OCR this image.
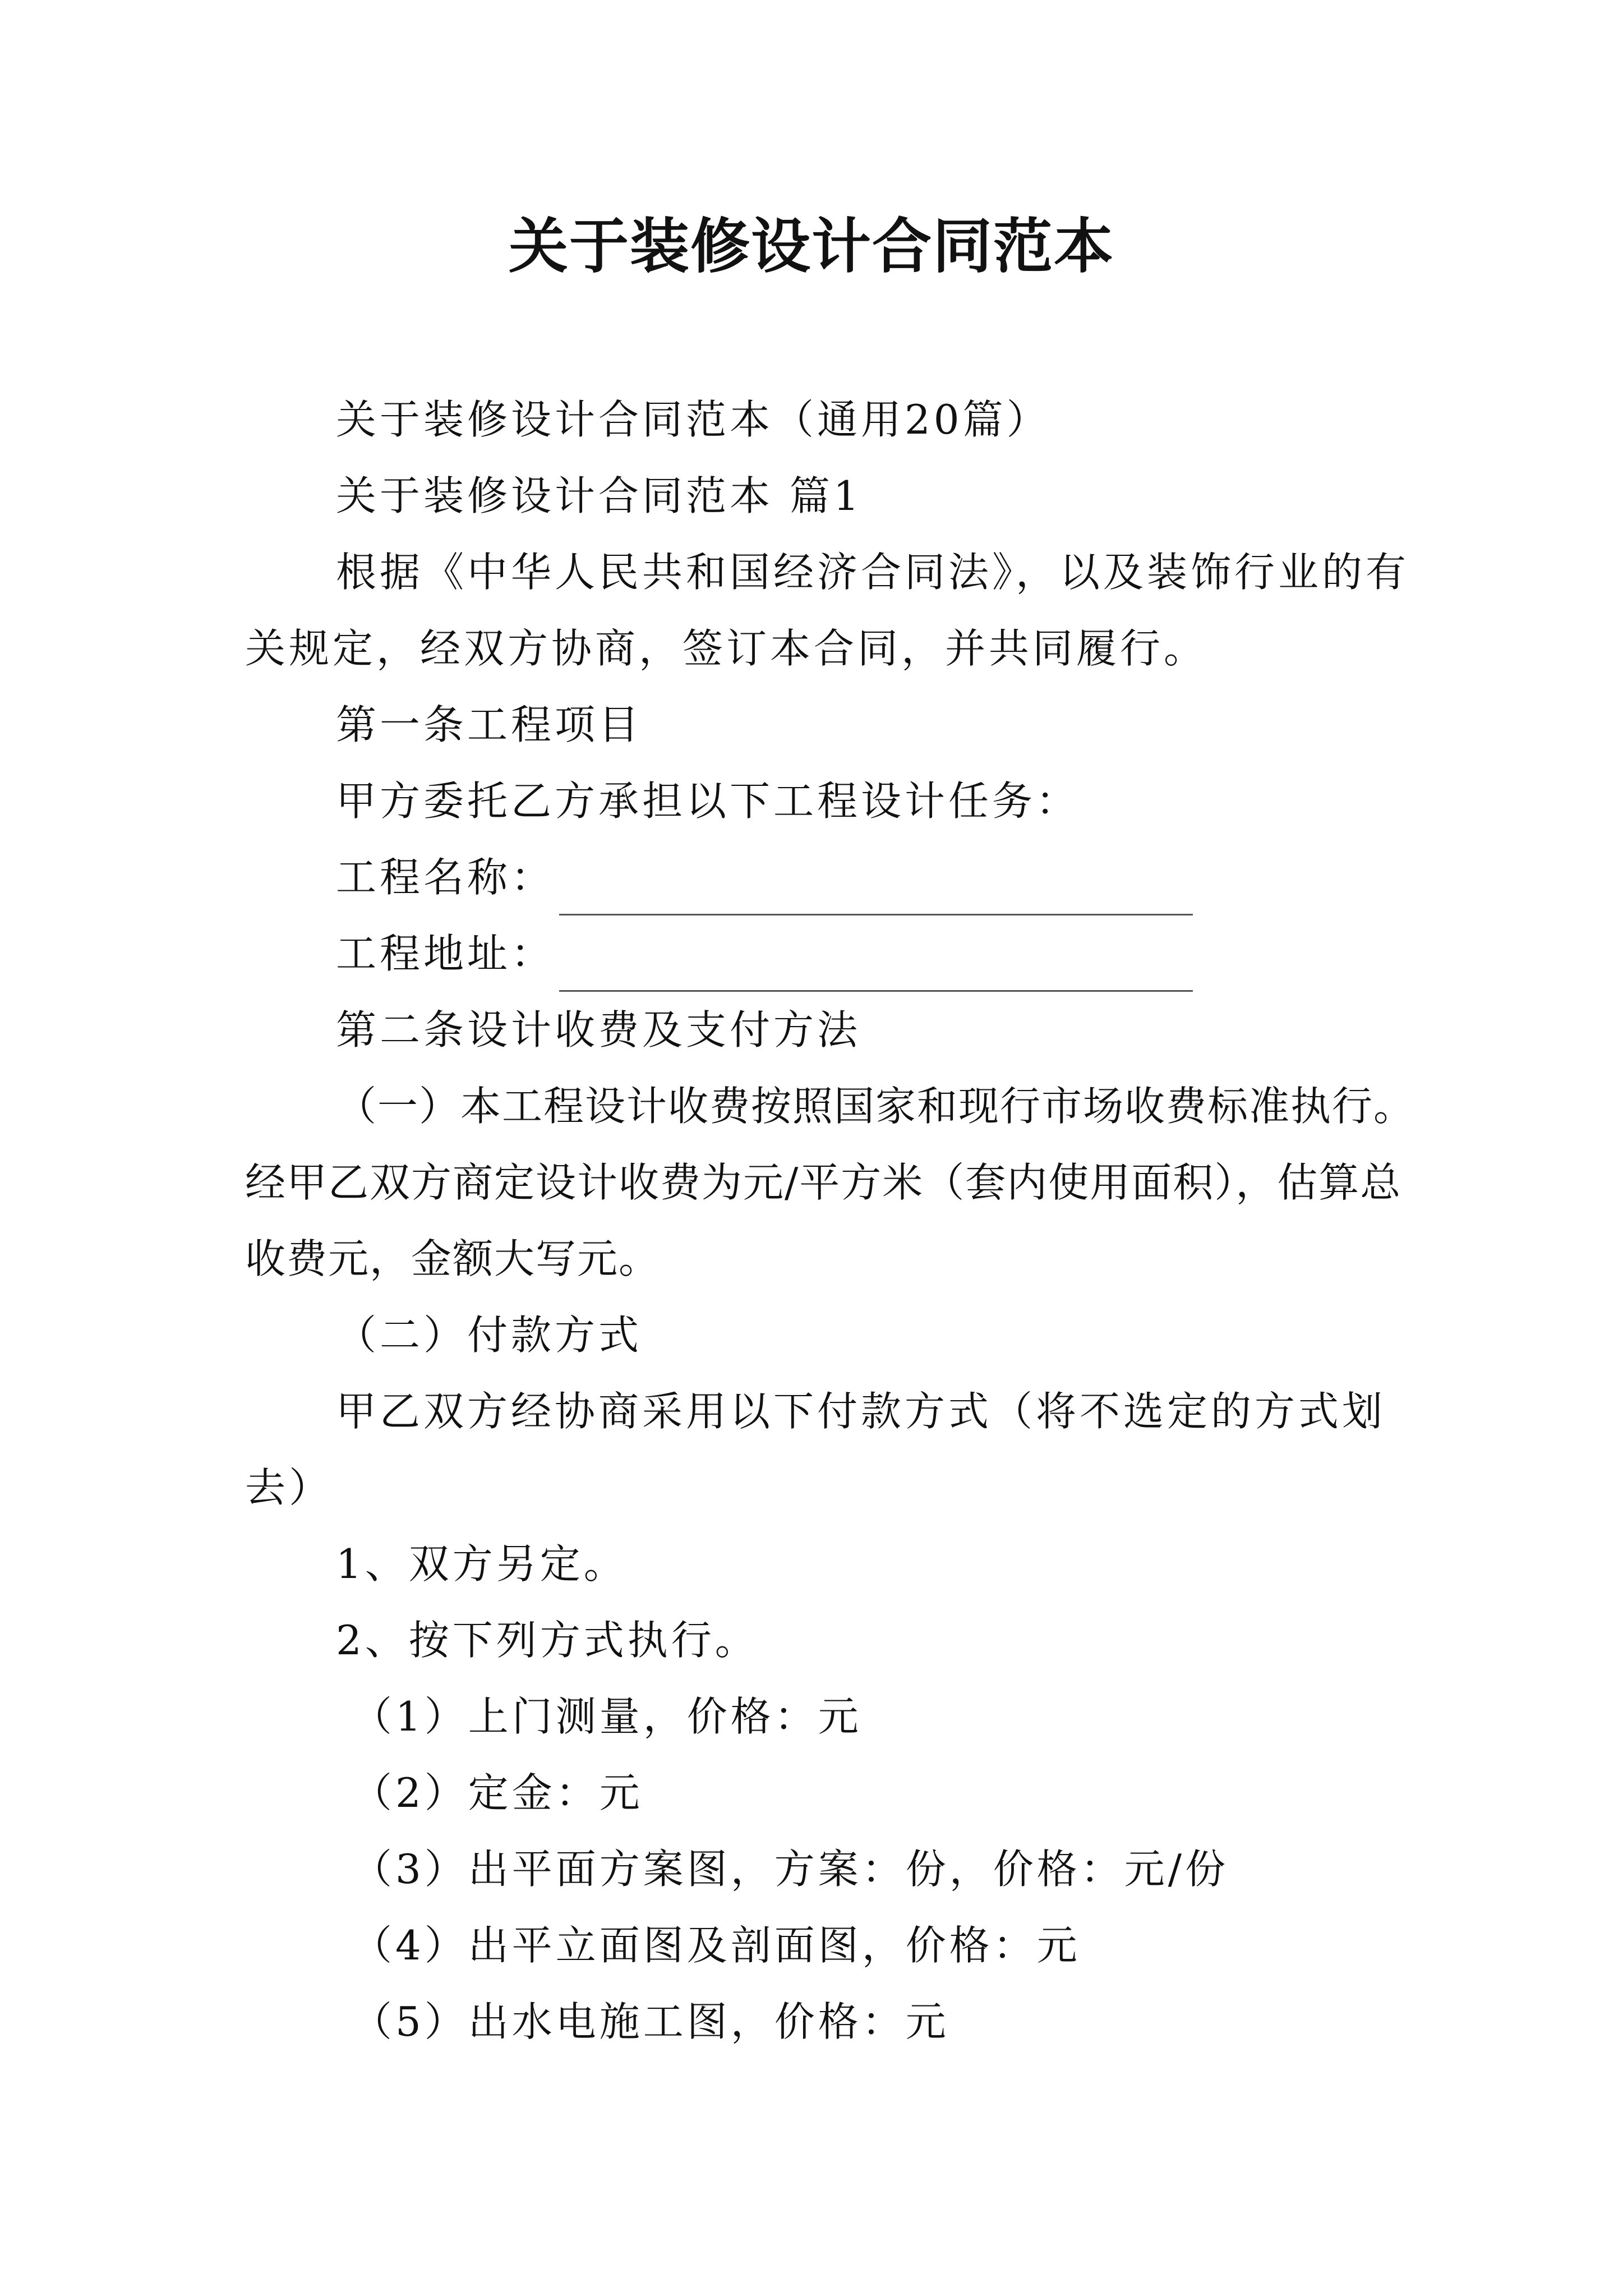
关于装修设计合同范本

关于装修设计合同范本（通用20篇）

关于装修设计合同范本 篇1

根据《中华人民共和国经济合同法》，以及装饰行业的有关规定，经双方协商，签订本合同，并共同履行。

第一条工程项目

甲方委托乙方承担以下工程设计任务：

工程名称：
工程地址：

第二条设计收费及支付方法

（一）本工程设计收费按照国家和现行市场收费标准执行。经甲乙双方商定设计收费为元/平方米（套内使用面积），估算总收费元，金额大写元。

（二）付款方式

甲乙双方经协商采用以下付款方式（将不选定的方式划去）

1、双方另定。

2、按下列方式执行。

（1）上门测量，价格：元

（2）定金：元

（3）出平面方案图，方案：份，价格：元/份

（4）出平立面图及剖面图，价格：元

（5）出水电施工图，价格：元
